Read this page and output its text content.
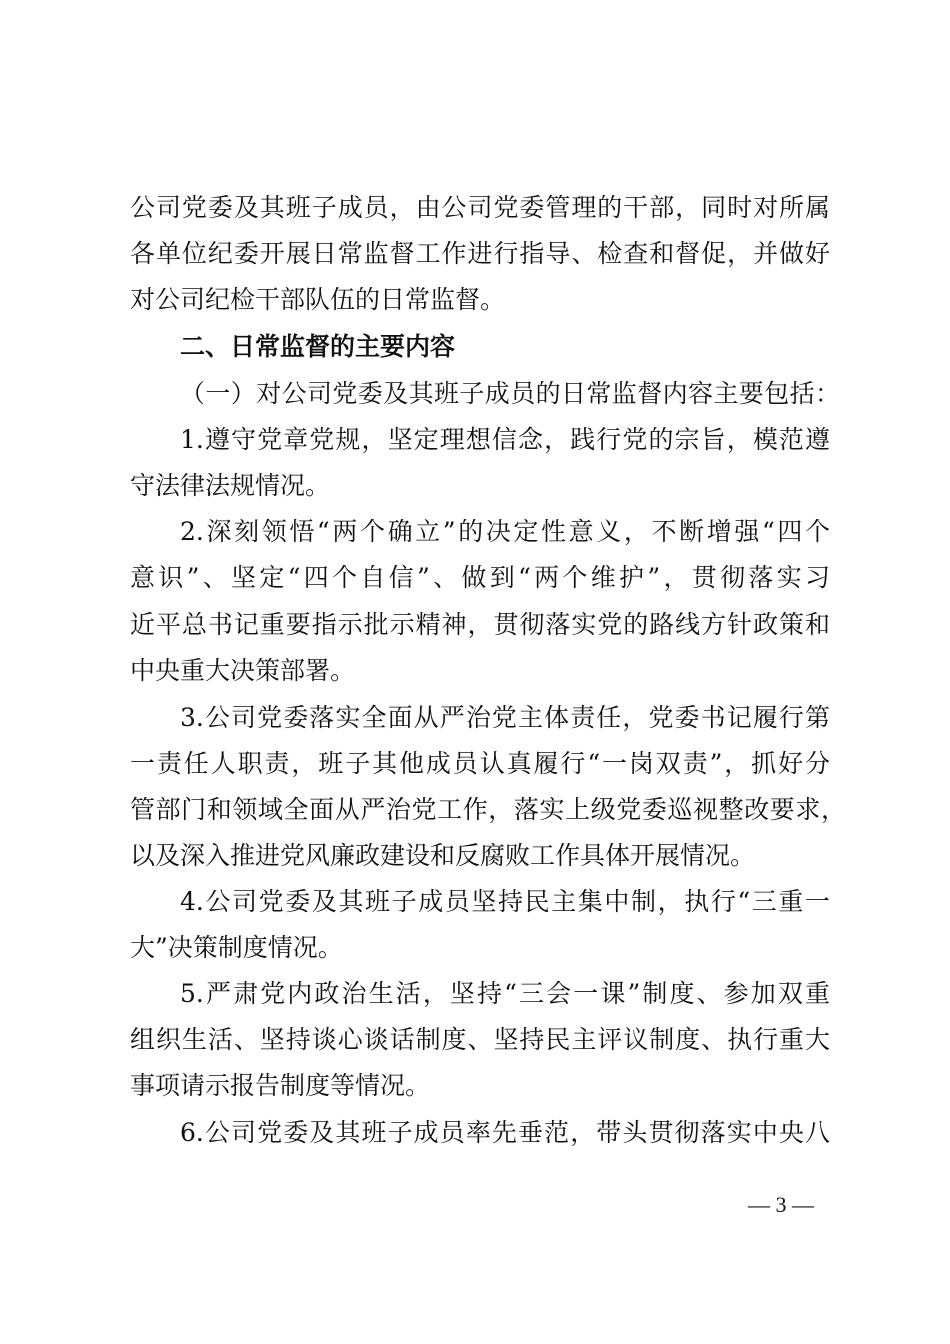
公司党委及其班子成员，由公司党委管理的干部，同时对所属
各单位纪委开展日常监督工作进行指导、检查和督促，并做好
对公司纪检干部队伍的日常监督。
二、日常监督的主要内容
（一）对公司党委及其班子成员的日常监督内容主要包括：
1.遵守党章党规，坚定理想信念，践行党的宗旨，模范遵
守法律法规情况。
2.深刻领悟“两个确立”的决定性意义，不断增强“四个
意识”、坚定“四个自信”、做到“两个维护”，贯彻落实习
近平总书记重要指示批示精神，贯彻落实党的路线方针政策和
中央重大决策部署。
3.公司党委落实全面从严治党主体责任，党委书记履行第
一责任人职责，班子其他成员认真履行“一岗双责”，抓好分
管部门和领域全面从严治党工作，落实上级党委巡视整改要求，
以及深入推进党风廉政建设和反腐败工作具体开展情况。
4.公司党委及其班子成员坚持民主集中制，执行“三重一
大”决策制度情况。
5.严肃党内政治生活，坚持“三会一课”制度、参加双重
组织生活、坚持谈心谈话制度、坚持民主评议制度、执行重大
事项请示报告制度等情况。
6.公司党委及其班子成员率先垂范，带头贯彻落实中央八
— 3 —
